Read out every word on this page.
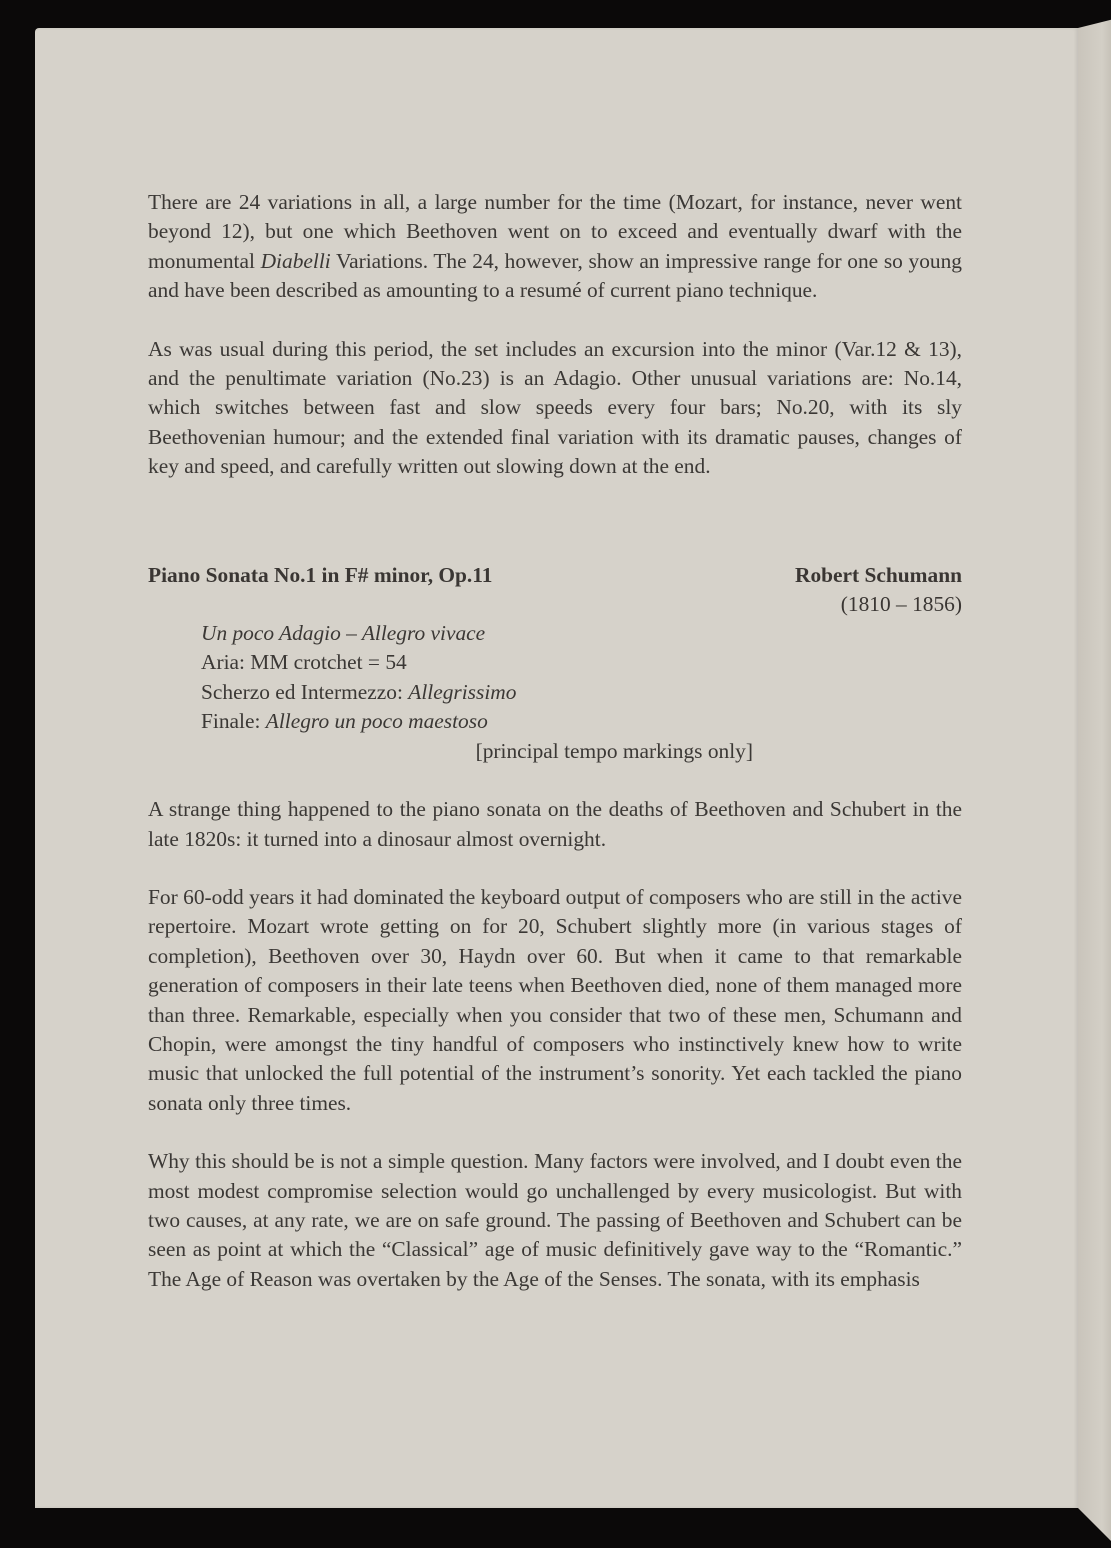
There are 24 variations in all, a large number for the time (Mozart, for instance, never went beyond 12), but one which Beethoven went on to exceed and eventually dwarf with the monumental Diabelli Variations. The 24, however, show an impressive range for one so young and have been described as amounting to a resumé of current piano technique.

As was usual during this period, the set includes an excursion into the minor (Var.12 & 13), and the penultimate variation (No.23) is an Adagio. Other unusual variations are: No.14, which switches between fast and slow speeds every four bars; No.20, with its sly Beethovenian humour; and the extended final variation with its dramatic pauses, changes of key and speed, and carefully written out slowing down at the end.

Piano Sonata No.1 in F# minor, Op.11	Robert Schumann
(1810 – 1856)
Un poco Adagio – Allegro vivace
Aria: MM crotchet = 54
Scherzo ed Intermezzo: Allegrissimo
Finale: Allegro un poco maestoso
[principal tempo markings only]

A strange thing happened to the piano sonata on the deaths of Beethoven and Schubert in the late 1820s: it turned into a dinosaur almost overnight.

For 60-odd years it had dominated the keyboard output of composers who are still in the active repertoire. Mozart wrote getting on for 20, Schubert slightly more (in various stages of completion), Beethoven over 30, Haydn over 60. But when it came to that remarkable generation of composers in their late teens when Beethoven died, none of them managed more than three. Remarkable, especially when you consider that two of these men, Schumann and Chopin, were amongst the tiny handful of composers who instinctively knew how to write music that unlocked the full potential of the instrument’s sonority. Yet each tackled the piano sonata only three times.

Why this should be is not a simple question. Many factors were involved, and I doubt even the most modest compromise selection would go unchallenged by every musicologist. But with two causes, at any rate, we are on safe ground. The passing of Beethoven and Schubert can be seen as point at which the “Classical” age of music definitively gave way to the “Romantic.” The Age of Reason was overtaken by the Age of the Senses. The sonata, with its emphasis
